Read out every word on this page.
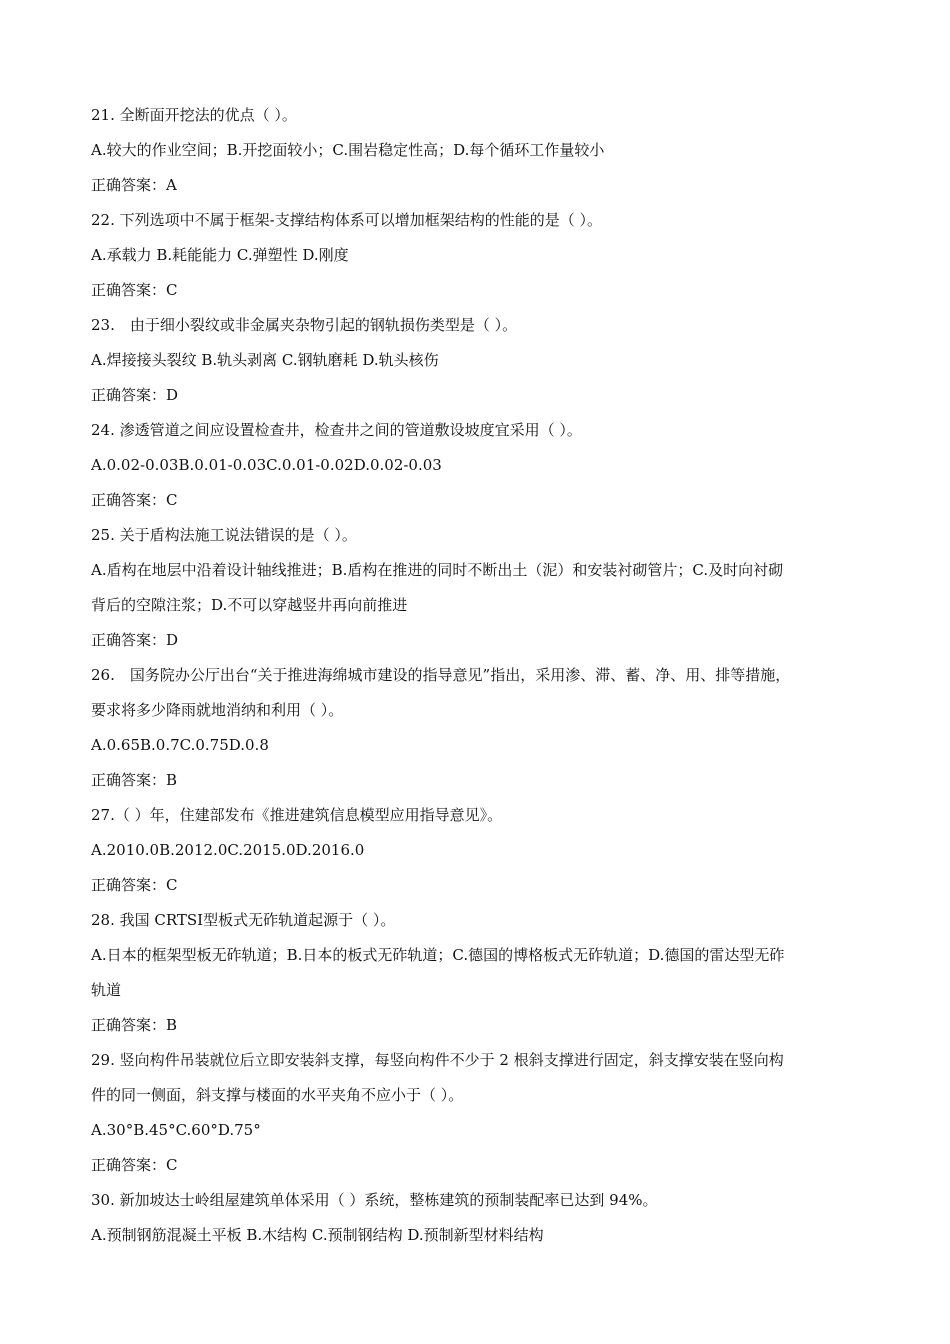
21. 全断面开挖法的优点（ ）。
A.较大的作业空间；B.开挖面较小；C.围岩稳定性高；D.每个循环工作量较小
正确答案：A
22. 下列选项中不属于框架-支撑结构体系可以增加框架结构的性能的是（ ）。
A.承载力 B.耗能能力 C.弹塑性 D.刚度
正确答案：C
23.　由于细小裂纹或非金属夹杂物引起的钢轨损伤类型是（ ）。
A.焊接接头裂纹 B.轨头剥离 C.钢轨磨耗 D.轨头核伤
正确答案：D
24. 渗透管道之间应设置检查井，检查井之间的管道敷设坡度宜采用（ ）。
A.0.02-0.03B.0.01-0.03C.0.01-0.02D.0.02-0.03
正确答案：C
25. 关于盾构法施工说法错误的是（ ）。
A.盾构在地层中沿着设计轴线推进；B.盾构在推进的同时不断出土（泥）和安装衬砌管片；C.及时向衬砌
背后的空隙注浆；D.不可以穿越竖井再向前推进
正确答案：D
26.　国务院办公厅出台“关于推进海绵城市建设的指导意见”指出，采用渗、滞、蓄、净、用、排等措施，
要求将多少降雨就地消纳和利用（ ）。
A.0.65B.0.7C.0.75D.0.8
正确答案：B
27.（ ）年，住建部发布《推进建筑信息模型应用指导意见》。
A.2010.0B.2012.0C.2015.0D.2016.0
正确答案：C
28. 我国 CRTSⅠ型板式无砟轨道起源于（ ）。
A.日本的框架型板无砟轨道；B.日本的板式无砟轨道；C.德国的博格板式无砟轨道；D.德国的雷达型无砟
轨道
正确答案：B
29. 竖向构件吊装就位后立即安装斜支撑，每竖向构件不少于 2 根斜支撑进行固定，斜支撑安装在竖向构
件的同一侧面，斜支撑与楼面的水平夹角不应小于（ ）。
A.30°B.45°C.60°D.75°
正确答案：C
30. 新加坡达士岭组屋建筑单体采用（ ）系统，整栋建筑的预制装配率已达到 94%。
A.预制钢筋混凝土平板 B.木结构 C.预制钢结构 D.预制新型材料结构
